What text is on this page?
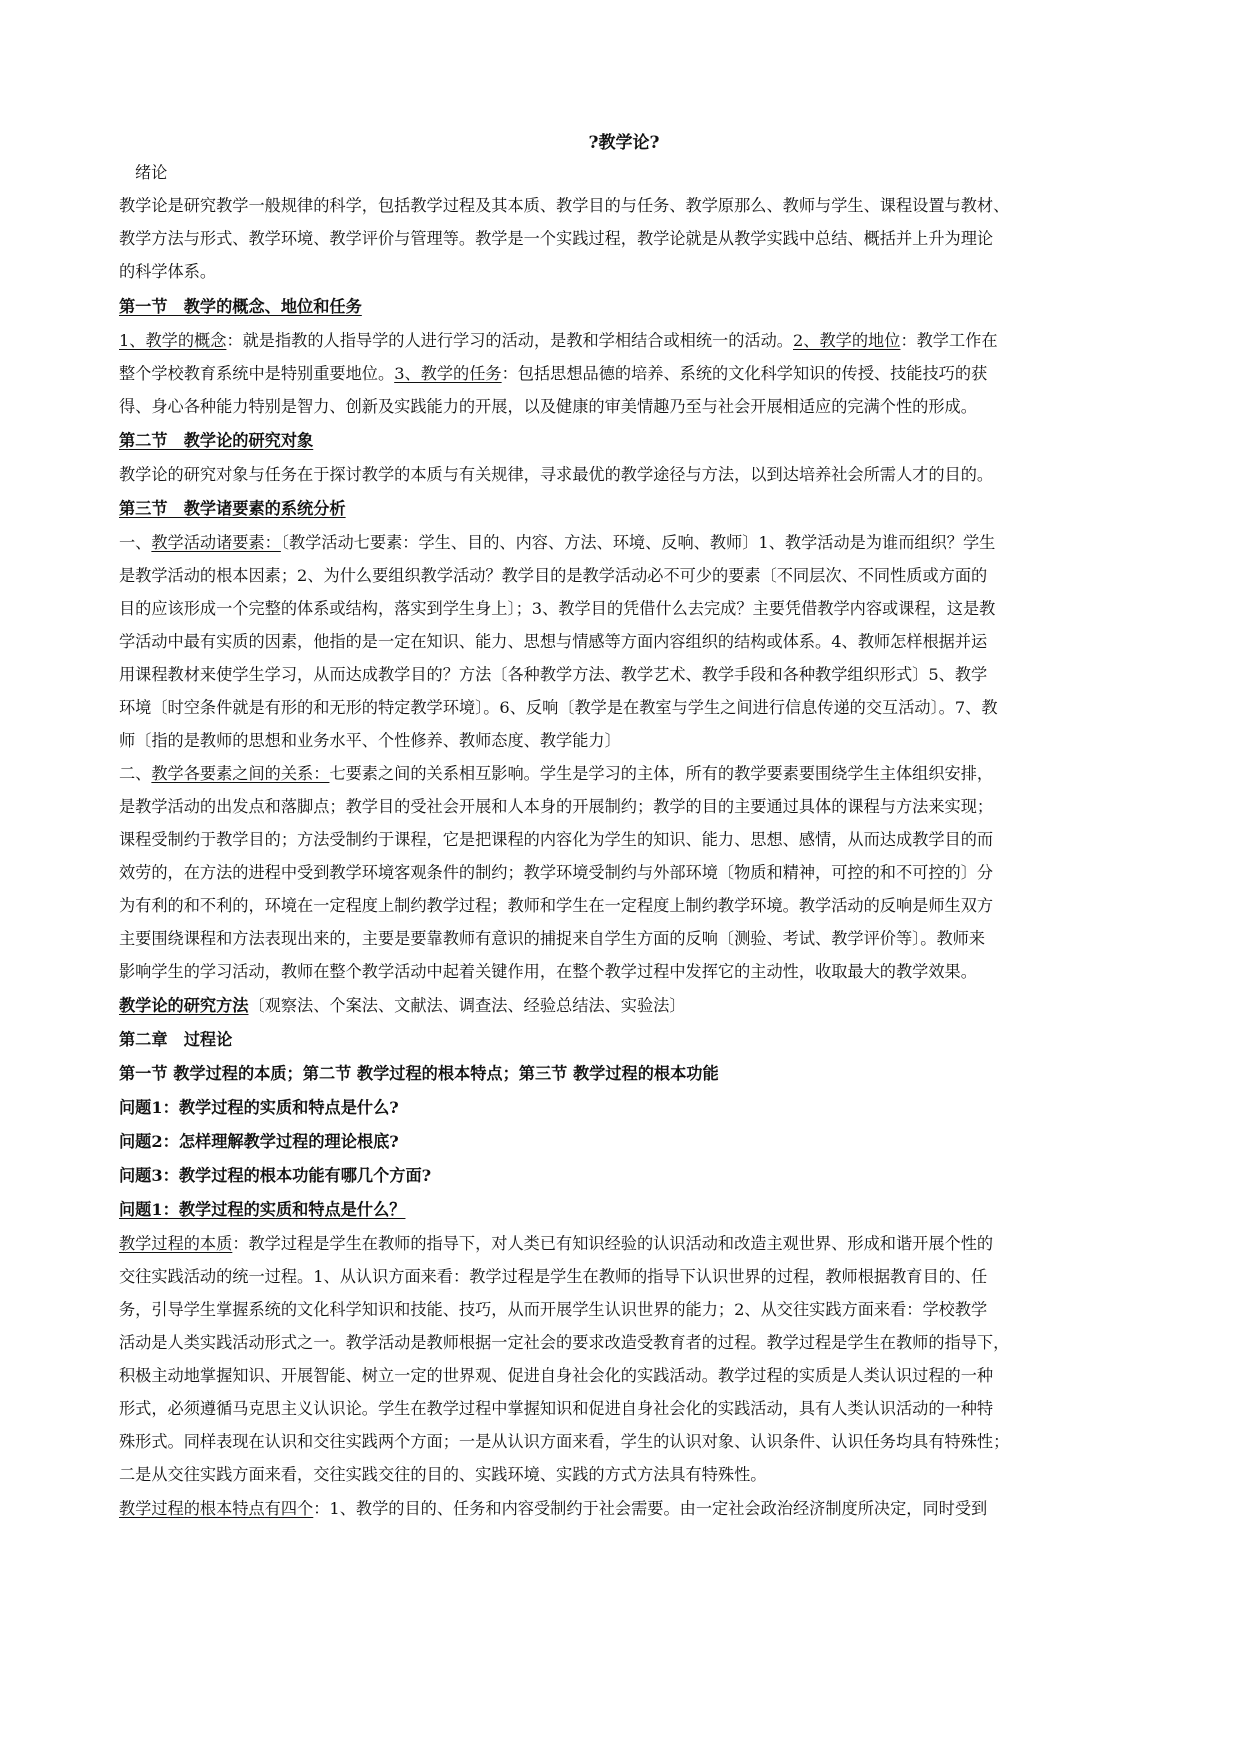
?教学论?
绪论
教学论是研究教学一般规律的科学，包括教学过程及其本质、教学目的与任务、教学原那么、教师与学生、课程设置与教材、
教学方法与形式、教学环境、教学评价与管理等。教学是一个实践过程，教学论就是从教学实践中总结、概括并上升为理论
的科学体系。
第一节　教学的概念、地位和任务
1、教学的概念：就是指教的人指导学的人进行学习的活动，是教和学相结合或相统一的活动。2、教学的地位：教学工作在
整个学校教育系统中是特别重要地位。3、教学的任务：包括思想品德的培养、系统的文化科学知识的传授、技能技巧的获
得、身心各种能力特别是智力、创新及实践能力的开展，以及健康的审美情趣乃至与社会开展相适应的完满个性的形成。
第二节　教学论的研究对象
教学论的研究对象与任务在于探讨教学的本质与有关规律，寻求最优的教学途径与方法，以到达培养社会所需人才的目的。
第三节　教学诸要素的系统分析
一、教学活动诸要素：〔教学活动七要素：学生、目的、内容、方法、环境、反响、教师〕1、教学活动是为谁而组织？学生
是教学活动的根本因素；2、为什么要组织教学活动？教学目的是教学活动必不可少的要素〔不同层次、不同性质或方面的
目的应该形成一个完整的体系或结构，落实到学生身上〕；3、教学目的凭借什么去完成？主要凭借教学内容或课程，这是教
学活动中最有实质的因素，他指的是一定在知识、能力、思想与情感等方面内容组织的结构或体系。4、教师怎样根据并运
用课程教材来使学生学习，从而达成教学目的？方法〔各种教学方法、教学艺术、教学手段和各种教学组织形式〕5、教学
环境〔时空条件就是有形的和无形的特定教学环境〕。6、反响〔教学是在教室与学生之间进行信息传递的交互活动〕。7、教
师〔指的是教师的思想和业务水平、个性修养、教师态度、教学能力〕
二、教学各要素之间的关系：七要素之间的关系相互影响。学生是学习的主体，所有的教学要素要围绕学生主体组织安排，
是教学活动的出发点和落脚点；教学目的受社会开展和人本身的开展制约；教学的目的主要通过具体的课程与方法来实现；
课程受制约于教学目的；方法受制约于课程，它是把课程的内容化为学生的知识、能力、思想、感情，从而达成教学目的而
效劳的，在方法的进程中受到教学环境客观条件的制约；教学环境受制约与外部环境〔物质和精神，可控的和不可控的〕分
为有利的和不利的，环境在一定程度上制约教学过程；教师和学生在一定程度上制约教学环境。教学活动的反响是师生双方
主要围绕课程和方法表现出来的，主要是要靠教师有意识的捕捉来自学生方面的反响〔测验、考试、教学评价等〕。教师来
影响学生的学习活动，教师在整个教学活动中起着关键作用，在整个教学过程中发挥它的主动性，收取最大的教学效果。
教学论的研究方法〔观察法、个案法、文献法、调查法、经验总结法、实验法〕
第二章　过程论
第一节 教学过程的本质；第二节 教学过程的根本特点；第三节 教学过程的根本功能
问题1：教学过程的实质和特点是什么?
问题2：怎样理解教学过程的理论根底?
问题3：教学过程的根本功能有哪几个方面?
问题1：教学过程的实质和特点是什么？
教学过程的本质：教学过程是学生在教师的指导下，对人类已有知识经验的认识活动和改造主观世界、形成和谐开展个性的
交往实践活动的统一过程。1、从认识方面来看：教学过程是学生在教师的指导下认识世界的过程，教师根据教育目的、任
务，引导学生掌握系统的文化科学知识和技能、技巧，从而开展学生认识世界的能力；2、从交往实践方面来看：学校教学
活动是人类实践活动形式之一。教学活动是教师根据一定社会的要求改造受教育者的过程。教学过程是学生在教师的指导下，
积极主动地掌握知识、开展智能、树立一定的世界观、促进自身社会化的实践活动。教学过程的实质是人类认识过程的一种
形式，必须遵循马克思主义认识论。学生在教学过程中掌握知识和促进自身社会化的实践活动，具有人类认识活动的一种特
殊形式。同样表现在认识和交往实践两个方面；一是从认识方面来看，学生的认识对象、认识条件、认识任务均具有特殊性；
二是从交往实践方面来看，交往实践交往的目的、实践环境、实践的方式方法具有特殊性。
教学过程的根本特点有四个：1、教学的目的、任务和内容受制约于社会需要。由一定社会政治经济制度所决定，同时受到
